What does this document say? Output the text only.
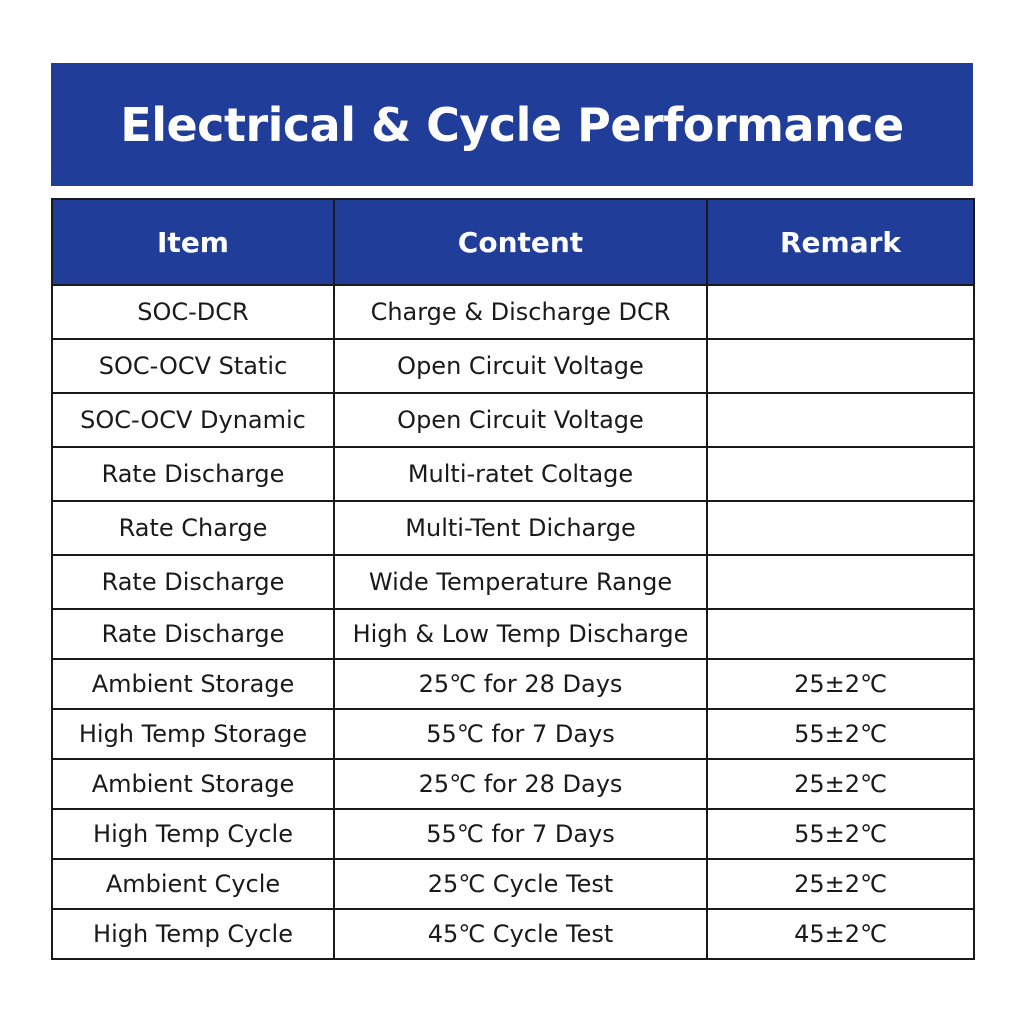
Electrical & Cycle Performance
Item	Content	Remark
SOC-DCR	Charge & Discharge DCR	
SOC-OCV Static	Open Circuit Voltage	
SOC-OCV Dynamic	Open Circuit Voltage	
Rate Discharge	Multi-ratet Coltage	
Rate Charge	Multi-Tent Dicharge	
Rate Discharge	Wide Temperature Range	
Rate Discharge	High & Low Temp Discharge	
Ambient Storage	25℃ for 28 Days	25±2℃
High Temp Storage	55℃ for 7 Days	55±2℃
Ambient Storage	25℃ for 28 Days	25±2℃
High Temp Cycle	55℃ for 7 Days	55±2℃
Ambient Cycle	25℃ Cycle Test	25±2℃
High Temp Cycle	45℃ Cycle Test	45±2℃
